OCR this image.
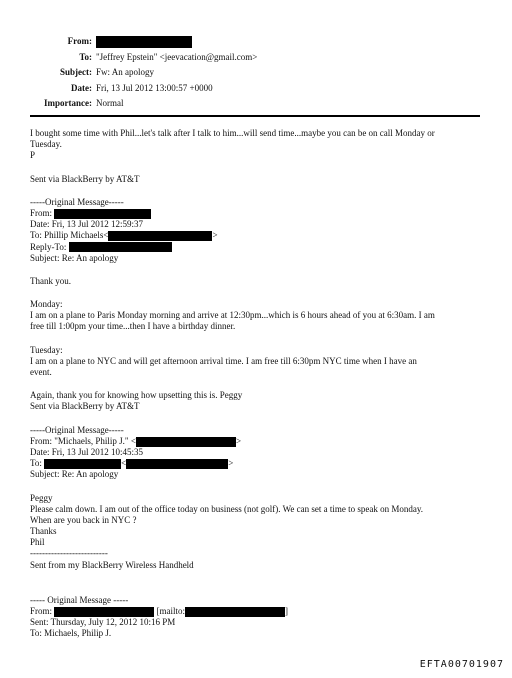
From:
To: "Jeffrey Epstein" <jeevacation@gmail.com>
Subject: Fw: An apology
Date: Fri, 13 Jul 2012 13:00:57 +0000
Importance: Normal
I bought some time with Phil...let's talk after I talk to him...will send time...maybe you can be on call Monday or
Tuesday.
P
Sent via BlackBerry by AT&T
-----Original Message-----
From:
Date: Fri, 13 Jul 2012 12:59:37
To: Phillip Michaels<	>
Reply-To:
Subject: Re: An apology
Thank you.
Monday:
I am on a plane to Paris Monday morning and arrive at 12:30pm...which is 6 hours ahead of you at 6:30am. I am
free till 1:00pm your time...then I have a birthday dinner.
Tuesday:
I am on a plane to NYC and will get afternoon arrival time. I am free till 6:30pm NYC time when I have an
event.
Again, thank you for knowing how upsetting this is. Peggy
Sent via BlackBerry by AT&T
-----Original Message-----
From: "Michaels, Philip J." <	>
Date: Fri, 13 Jul 2012 10:45:35
To:	<	>
Subject: Re: An apology
Peggy
Please calm down. I am out of the office today on business (not golf). We can set a time to speak on Monday.
When are you back in NYC ?
Thanks
Phil
--------------------------
Sent from my BlackBerry Wireless Handheld
----- Original Message -----
From:	[mailto:	]
Sent: Thursday, July 12, 2012 10:16 PM
To: Michaels, Philip J.
EFTA00701907
